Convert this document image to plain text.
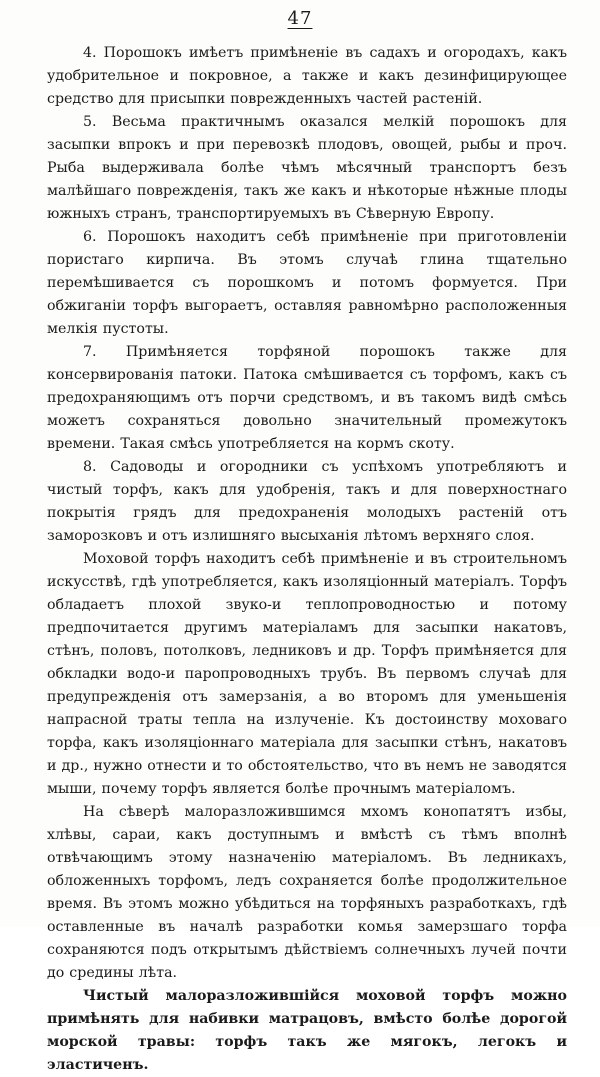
47

4. Порошокъ имѣетъ примѣненіе въ садахъ и огородахъ, какъ удобрительное и покровное, а также и какъ дезинфицирующее средство для присыпки поврежденныхъ частей растеній.

5. Весьма практичнымъ оказался мелкій порошокъ для засыпки впрокъ и при перевозкѣ плодовъ, овощей, рыбы и проч. Рыба выдерживала болѣе чѣмъ мѣсячный транспортъ безъ малѣйшаго поврежденія, такъ же какъ и нѣкоторые нѣжные плоды южныхъ странъ, транспортируемыхъ въ Сѣверную Европу.

6. Порошокъ находитъ себѣ примѣненіе при приготовленіи пористаго кирпича. Въ этомъ случаѣ глина тщательно перемѣшивается съ порошкомъ и потомъ формуется. При обжиганіи торфъ выгораетъ, оставляя равномѣрно расположенныя мелкія пустоты.

7. Примѣняется торфяной порошокъ также для консервированія патоки. Патока смѣшивается съ торфомъ, какъ съ предохраняющимъ отъ порчи средствомъ, и въ такомъ видѣ смѣсь можетъ сохраняться довольно значительный промежутокъ времени. Такая смѣсь употребляется на кормъ скоту.

8. Садоводы и огородники съ успѣхомъ употребляютъ и чистый торфъ, какъ для удобренія, такъ и для поверхностнаго покрытія грядъ для предохраненія молодыхъ растеній отъ заморозковъ и отъ излишняго высыханія лѣтомъ верхняго слоя.

Моховой торфъ находитъ себѣ примѣненіе и въ строительномъ искусствѣ, гдѣ употребляется, какъ изоляціонный матеріалъ. Торфъ обладаетъ плохой звуко-и теплопроводностью и потому предпочитается другимъ матеріаламъ для засыпки накатовъ, стѣнъ, половъ, потолковъ, ледниковъ и др. Торфъ примѣняется для обкладки водо-и паропроводныхъ трубъ. Въ первомъ случаѣ для предупрежденія отъ замерзанія, а во второмъ для уменьшенія напрасной траты тепла на излученіе. Къ достоинству моховаго торфа, какъ изоляціоннаго матеріала для засыпки стѣнъ, накатовъ и др., нужно отнести и то обстоятельство, что въ немъ не заводятся мыши, почему торфъ является болѣе прочнымъ матеріаломъ.

На сѣверѣ малоразложившимся мхомъ конопатятъ избы, хлѣвы, сараи, какъ доступнымъ и вмѣстѣ съ тѣмъ вполнѣ отвѣчающимъ этому назначенію матеріаломъ. Въ ледникахъ, обложенныхъ торфомъ, ледъ сохраняется болѣе продолжительное время. Въ этомъ можно убѣдиться на торфяныхъ разработкахъ, гдѣ оставленные въ началѣ разработки комья замерзшаго торфа сохраняются подъ открытымъ дѣйствіемъ солнечныхъ лучей почти до средины лѣта.

Чистый малоразложившійся моховой торфъ можно примѣнять для набивки матрацовъ, вмѣсто болѣе дорогой морской травы: торфъ такъ же мягокъ, легокъ и эластиченъ.
